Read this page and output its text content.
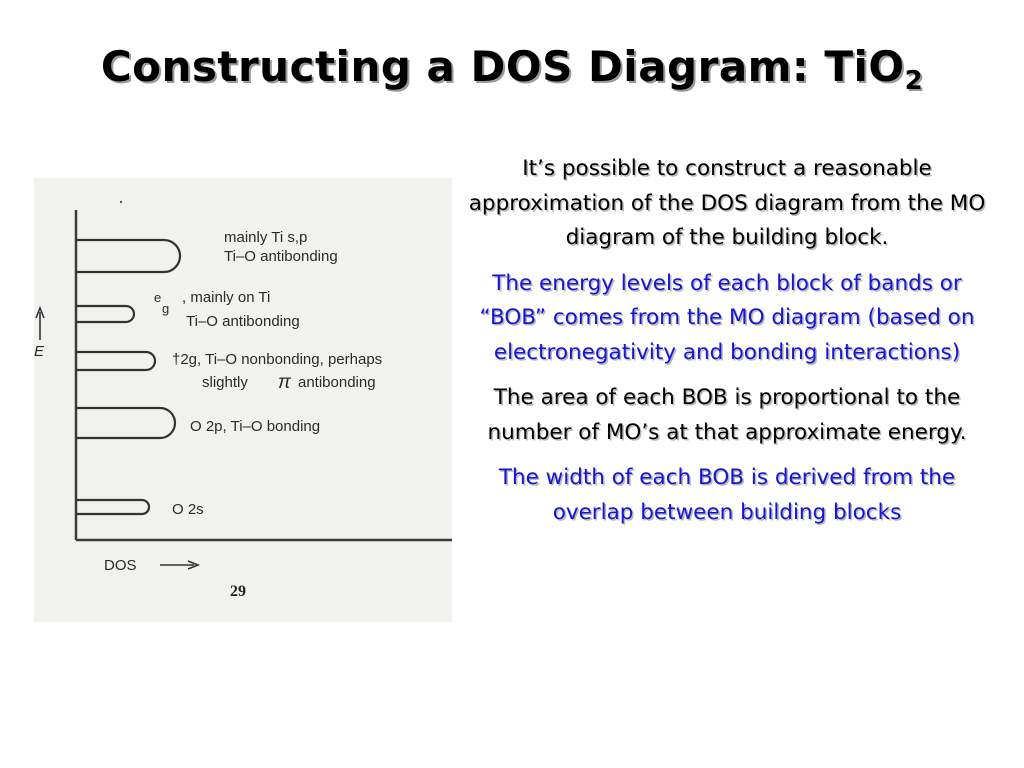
Constructing a DOS Diagram: TiO$_2$
E
mainly Ti s,p
Ti–O antibonding
e
g
, mainly on Ti
Ti–O antibonding
†2g, Ti–O nonbonding, perhaps
slightly π antibonding
O 2p, Ti–O bonding
O 2s
DOS
29

It’s possible to construct a reasonable approximation of the DOS diagram from the MO diagram of the building block.

The energy levels of each block of bands or “BOB” comes from the MO diagram (based on electronegativity and bonding interactions)

The area of each BOB is proportional to the number of MO’s at that approximate energy.

The width of each BOB is derived from the overlap between building blocks
